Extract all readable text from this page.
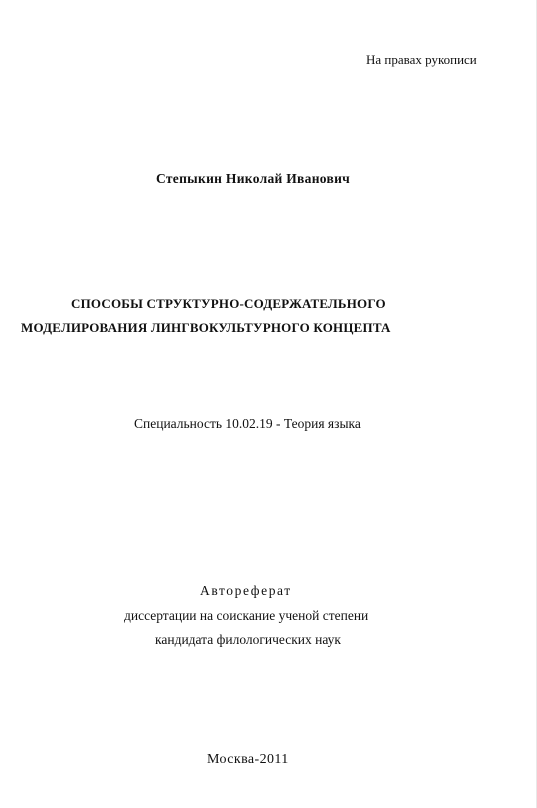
На правах рукописи
Степыкин Николай Иванович
СПОСОБЫ СТРУКТУРНО-СОДЕРЖАТЕЛЬНОГО
МОДЕЛИРОВАНИЯ ЛИНГВОКУЛЬТУРНОГО КОНЦЕПТА
Специальность 10.02.19 - Теория языка
Автореферат
диссертации на соискание ученой степени
кандидата филологических наук
Москва-2011
